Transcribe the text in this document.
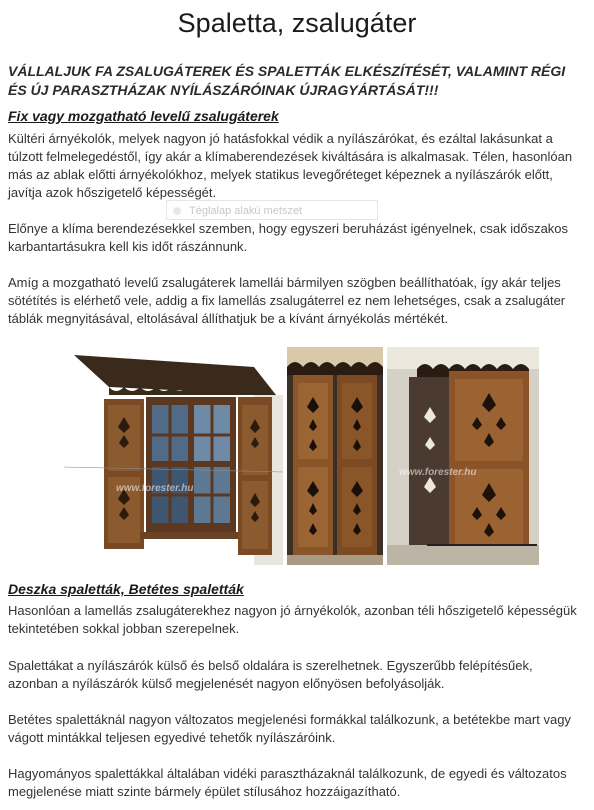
Spaletta, zsalugáter
VÁLLALJUK FA ZSALUGÁTEREK ÉS SPALETTÁK ELKÉSZÍTÉSÉT, VALAMINT RÉGI ÉS ÚJ PARASZTHÁZAK NYÍLÁSZÁRÓINAK ÚJRAGYÁRTÁSÁT!!!
Fix vagy mozgatható levelű zsalugáterek

Kültéri árnyékolók, melyek nagyon jó hatásfokkal védik a nyílászárókat, és ezáltal lakásunkat a túlzott felmelegedéstől, így akár a klímaberendezések kiváltására is alkalmasak. Télen, hasonlóan más az ablak előtti árnyékolókhoz, melyek statikus levegőréteget képeznek a nyílászárók előtt, javítja azok hőszigetelő képességét.

Előnye a klíma berendezésekkel szemben, hogy egyszeri beruházást igényelnek, csak időszakos karbantartásukra kell kis időt rászánnunk.

Amíg a mozgatható levelű zsalugáterek lamellái bármilyen szögben beállíthatóak, így akár teljes sötétítés is elérhető vele, addig a fix lamellás zsalugáterrel ez nem lehetséges, csak a zsalugáter táblák megnyitásával, eltolásával állíthatjuk be a kívánt árnyékolás mértékét.

Téglalap alakú metszet
www.forester.hu
www.forester.hu
Deszka spaletták, Betétes spaletták

Hasonlóan a lamellás zsalugáterekhez nagyon jó árnyékolók, azonban téli hőszigetelő képességük tekintetében sokkal jobban szerepelnek.

Spalettákat a nyílászárók külső és belső oldalára is szerelhetnek. Egyszerűbb felépítésűek, azonban a nyílászárók külső megjelenését nagyon előnyösen befolyásolják.

Betétes spalettáknál nagyon változatos megjelenési formákkal találkozunk, a betétekbe mart vagy vágott mintákkal teljesen egyedivé tehetők nyílászáróink.

Hagyományos spalettákkal általában vidéki parasztházaknál találkozunk, de egyedi és változatos megjelenése miatt szinte bármely épület stílusához hozzáigazítható.
